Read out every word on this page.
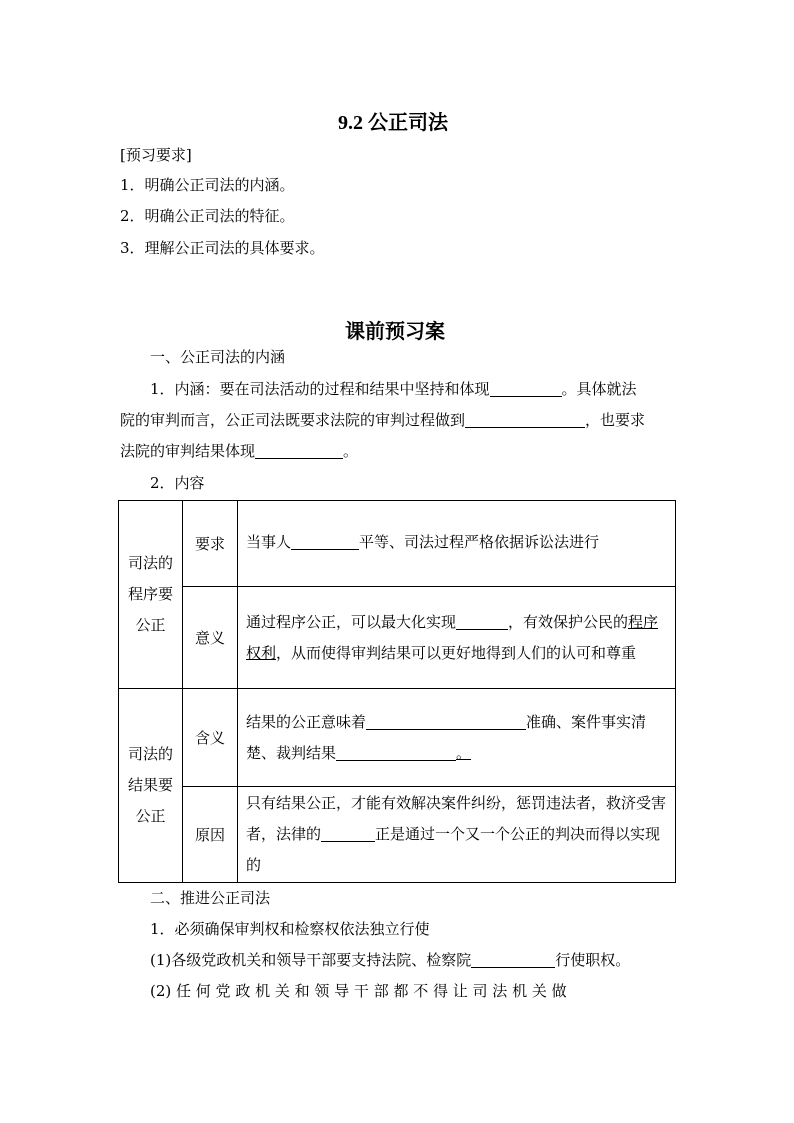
9.2 公正司法
[预习要求]
1．明确公正司法的内涵。
2．明确公正司法的特征。
3．理解公正司法的具体要求。
课前预习案
一、公正司法的内涵
1．内涵：要在司法活动的过程和结果中坚持和体现	。具体就法
院的审判而言，公正司法既要求法院的审判过程做到	，也要求
法院的审判结果体现	。
2．内容
司法的
程序要
公正	要求	当事人 平等、司法过程严格依据诉讼法进行
	意义	通过程序公正，可以最大化实现 ，有效保护公民的程序权利，从而使得审判结果可以更好地得到人们的认可和尊重

司法的
结果要
公正	含义	结果的公正意味着 准确、案件事实清楚、裁判结果 。
	原因	只有结果公正，才能有效解决案件纠纷，惩罚违法者，救济受害者，法律的 正是通过一个又一个公正的判决而得以实现的
二、推进公正司法
1．必须确保审判权和检察权依法独立行使
(1)各级党政机关和领导干部要支持法院、检察院	行使职权。
(2) 任 何 党 政 机 关 和 领 导 干 部 都 不 得 让 司 法 机 关 做
